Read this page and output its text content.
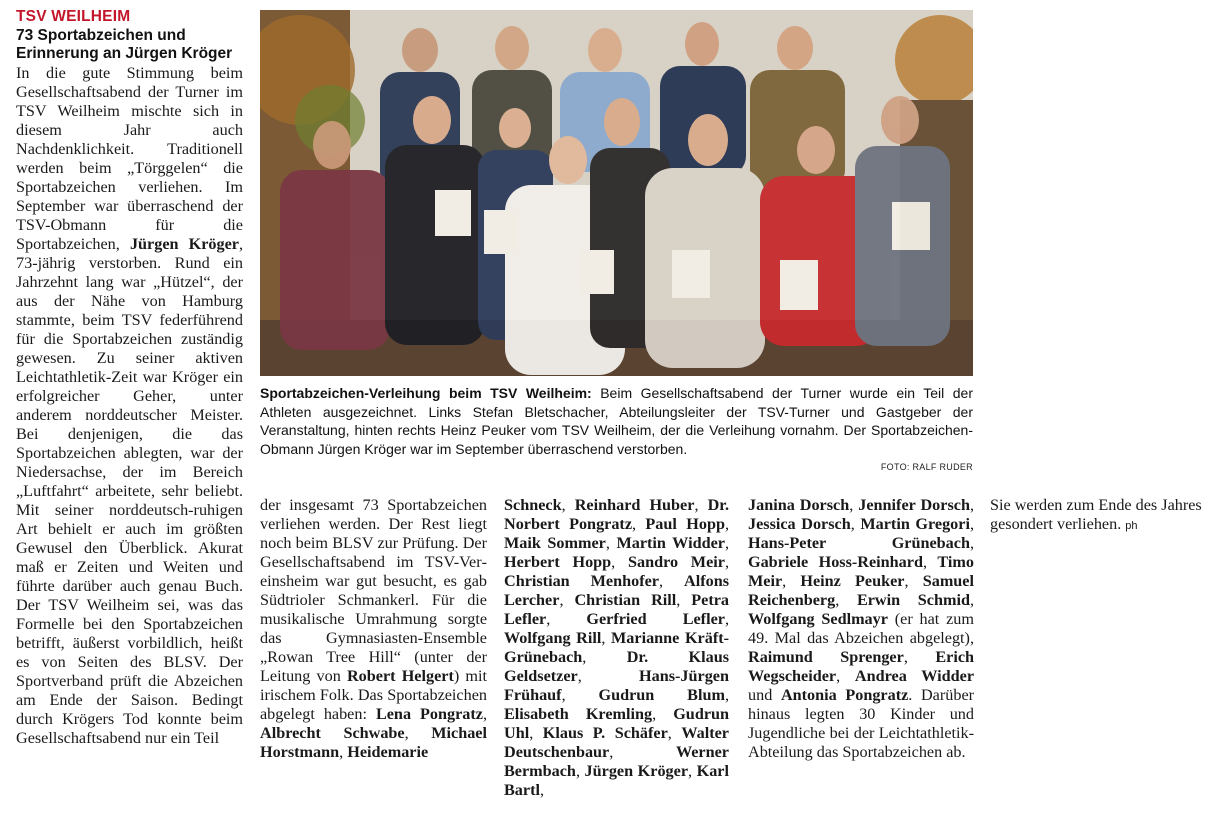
TSV WEILHEIM
73 Sportabzeichen und Erinnerung an Jürgen Kröger
In die gute Stimmung beim Gesellschaftsabend der Turner im TSV Weilheim mischte sich in diesem Jahr auch Nachdenklichkeit. Traditionell werden beim „Törggelen“ die Sportabzeichen verliehen. Im September war überraschend der TSV-Obmann für die Sportabzeichen, Jürgen Kröger, 73-jährig verstorben. Rund ein Jahrzehnt lang war „Hützel“, der aus der Nähe von Hamburg stammte, beim TSV federführend für die Sportabzeichen zuständig gewesen. Zu seiner aktiven Leichtathletik-Zeit war Kröger ein erfolgreicher Geher, unter anderem norddeutscher Meister. Bei denjenigen, die das Sportabzeichen ablegten, war der Niedersachse, der im Bereich „Luftfahrt“ arbeitete, sehr beliebt. Mit seiner norddeutsch-ruhigen Art behielt er auch im größten Gewusel den Überblick. Akurat maß er Zeiten und Weiten und führte darüber auch genau Buch. Der TSV Weilheim sei, was das Formelle bei den Sportabzeichen betrifft, äußerst vorbildlich, heißt es von Seiten des BLSV. Der Sportverband prüft die Abzeichen am Ende der Saison. Bedingt durch Krögers Tod konnte beim Gesellschaftsabend nur ein Teil
Sportabzeichen-Verleihung beim TSV Weilheim: Beim Gesellschaftsabend der Turner wurde ein Teil der Athleten ausgezeichnet. Links Stefan Bletschacher, Abteilungsleiter der TSV-Turner und Gastgeber der Veranstaltung, hinten rechts Heinz Peuker vom TSV Weilheim, der die Verleihung vornahm. Der Sportabzeichen-Obmann Jürgen Kröger war im September überraschend verstorben.
FOTO: RALF RUDER
der insgesamt 73 Sportabzeichen verliehen werden. Der Rest liegt noch beim BLSV zur Prüfung. Der Gesellschaftsabend im TSV-Vereinsheim war gut besucht, es gab Südtrioler Schmankerl. Für die musikalische Umrahmung sorgte das Gymnasiasten-Ensemble „Rowan Tree Hill“ (unter der Leitung von Robert Helgert) mit irischem Folk. Das Sportabzeichen abgelegt haben: Lena Pongratz, Albrecht Schwabe, Michael Horstmann, Heidemarie
Schneck, Reinhard Huber, Dr. Norbert Pongratz, Paul Hopp, Maik Sommer, Martin Widder, Herbert Hopp, Sandro Meir, Christian Menhofer, Alfons Lercher, Christian Rill, Petra Lefler, Gerfried Lefler, Wolfgang Rill, Marianne Kräft-Grünebach, Dr. Klaus Geldsetzer, Hans-Jürgen Frühauf, Gudrun Blum, Elisabeth Kremling, Gudrun Uhl, Klaus P. Schäfer, Walter Deutschenbaur, Werner Bermbach, Jürgen Kröger, Karl Bartl,
Janina Dorsch, Jennifer Dorsch, Jessica Dorsch, Martin Gregori, Hans-Peter Grünebach, Gabriele Hoss-Reinhard, Timo Meir, Heinz Peuker, Samuel Reichenberg, Erwin Schmid, Wolfgang Sedlmayr (er hat zum 49. Mal das Abzeichen abgelegt), Raimund Sprenger, Erich Wegscheider, Andrea Widder und Antonia Pongratz. Darüber hinaus legten 30 Kinder und Jugendliche bei der Leichtathletik-Abteilung das Sportabzeichen ab.
Sie werden zum Ende des Jahres gesondert verliehen. ph
